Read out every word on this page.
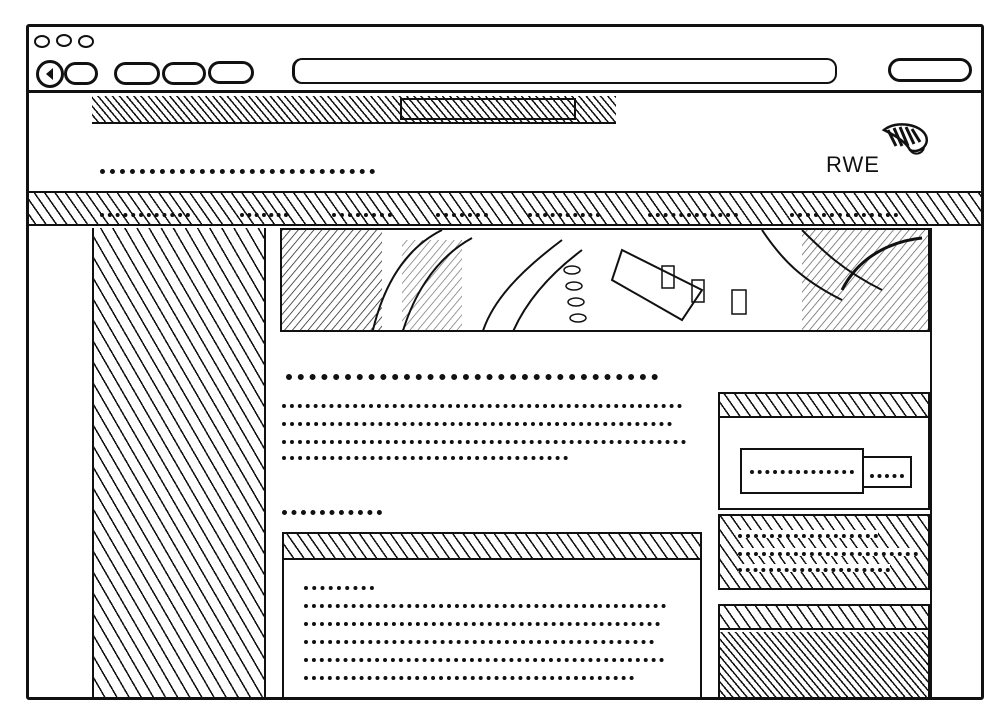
RWE
